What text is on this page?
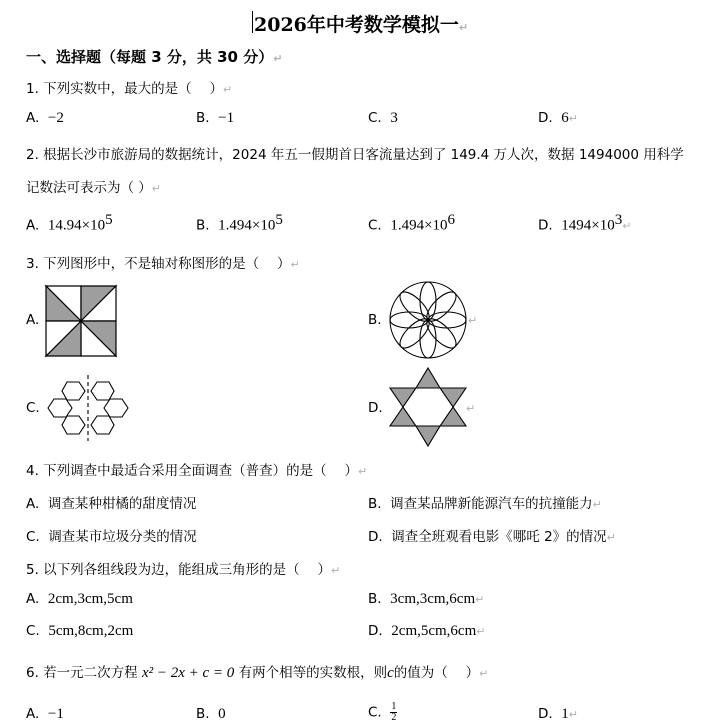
2026年中考数学模拟一↵
一、选择题（每题 3 分，共 30 分）↵
1. 下列实数中，最大的是（　 ）↵
A. −2	B. −1	C. 3	D. 6↵
2. 根据长沙市旅游局的数据统计，2024 年五一假期首日客流量达到了 149.4 万人次，数据 1494000 用科学
记数法可表示为（ ）↵
A. $14.94\times 10^5$	B. $1.494\times 10^5$	C. $1.494\times 10^6$	D. $1494\times 10^3↵$
3. 下列图形中，不是轴对称图形的是（　 ）↵
A.	B.	↵
C.	D.	↵
4. 下列调查中最适合采用全面调查（普查）的是（　 ）↵
A. 调查某种柑橘的甜度情况	B. 调查某品牌新能源汽车的抗撞能力↵
C. 调查某市垃圾分类的情况	D. 调查全班观看电影《哪吒 2》的情况↵
5. 以下列各组线段为边，能组成三角形的是（　 ）↵
A. 2cm,3cm,5cm	B. 3cm,3cm,6cm↵
C. 5cm,8cm,2cm	D. 2cm,5cm,6cm↵
6. 若一元二次方程 x² − 2x + c = 0 有两个相等的实数根，则c的值为（　 ）↵
A. −1	B. 0	C. $\frac{1}{2}$	D. 1↵
